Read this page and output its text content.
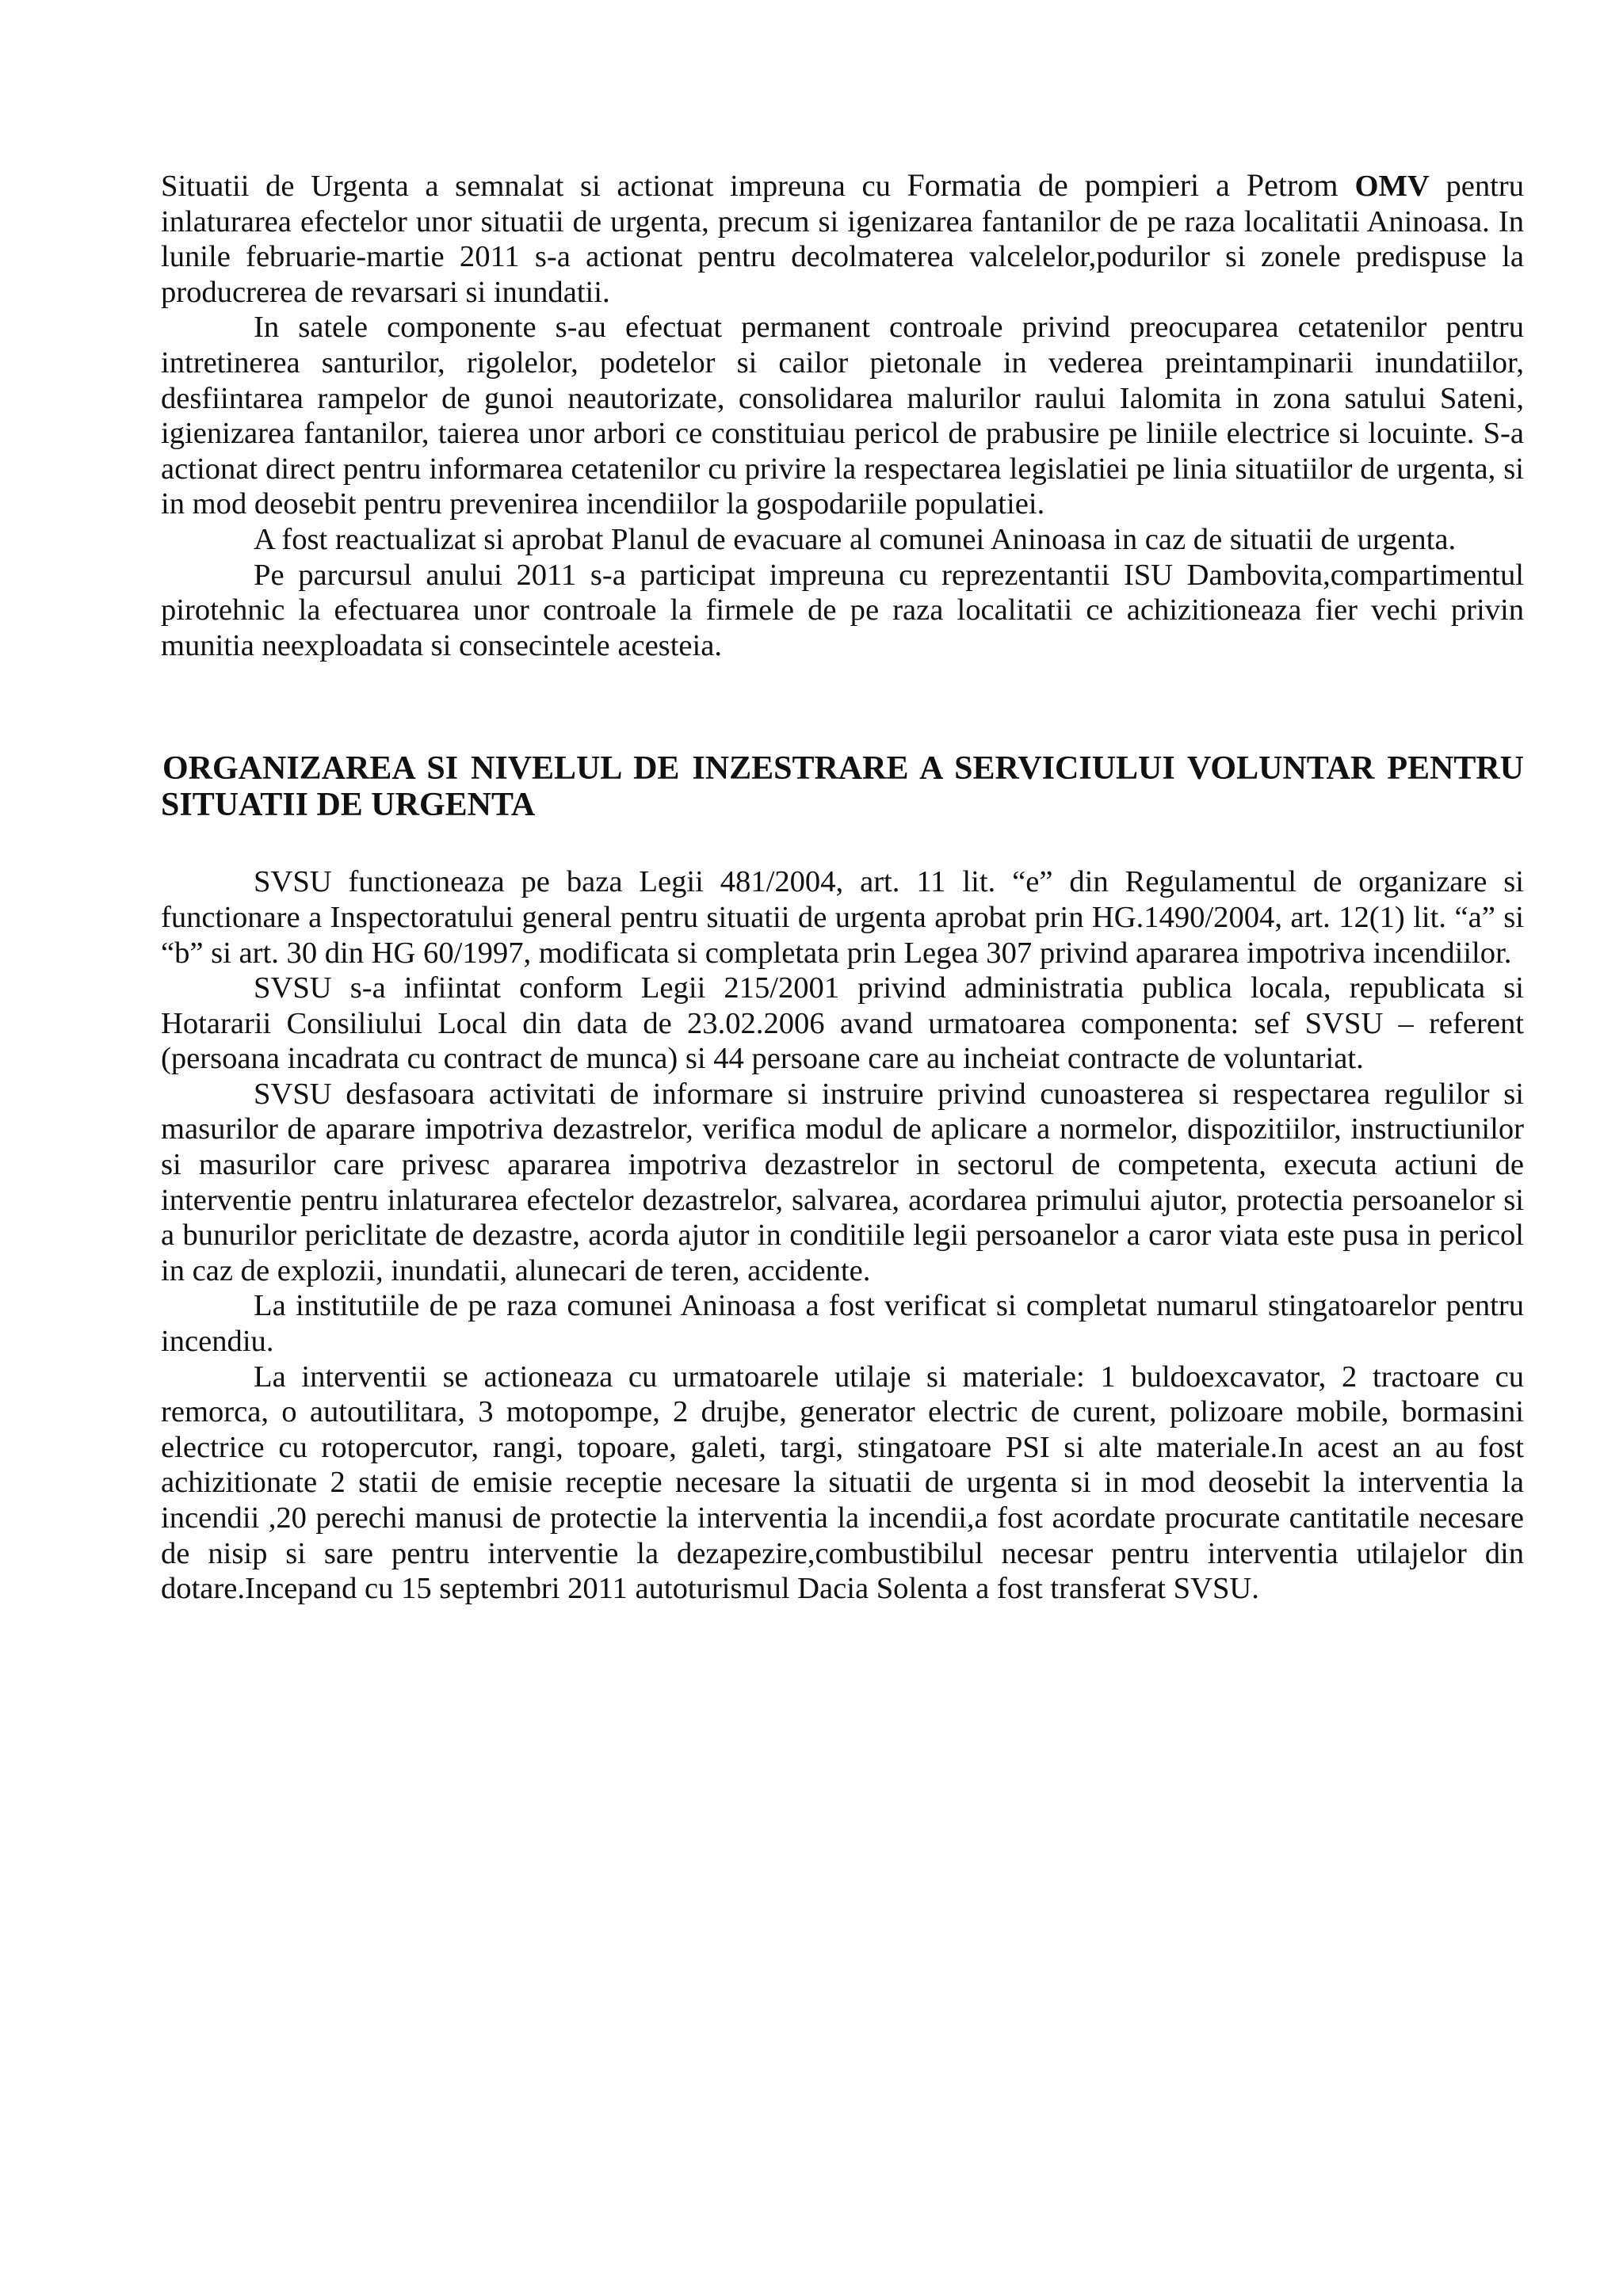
Situatii de Urgenta a semnalat si actionat impreuna cu Formatia de pompieri a Petrom OMV pentru inlaturarea efectelor unor situatii de urgenta, precum si igenizarea fantanilor de pe raza localitatii Aninoasa. In lunile februarie-martie 2011 s-a actionat pentru decolmaterea valcelelor,podurilor si zonele predispuse la producrerea de revarsari si inundatii.

In satele componente s-au efectuat permanent controale privind preocuparea cetatenilor pentru intretinerea santurilor, rigolelor, podetelor si cailor pietonale in vederea preintampinarii inundatiilor, desfiintarea rampelor de gunoi neautorizate, consolidarea malurilor raului Ialomita in zona satului Sateni, igienizarea fantanilor, taierea unor arbori ce constituiau pericol de prabusire pe liniile electrice si locuinte. S-a actionat direct pentru informarea cetatenilor cu privire la respectarea legislatiei pe linia situatiilor de urgenta, si in mod deosebit pentru prevenirea incendiilor la gospodariile populatiei.

A fost reactualizat si aprobat Planul de evacuare al comunei Aninoasa in caz de situatii de urgenta.

Pe parcursul anului 2011 s-a participat impreuna cu reprezentantii ISU Dambovita,compartimentul pirotehnic la efectuarea unor controale la firmele de pe raza localitatii ce achizitioneaza fier vechi privin munitia neexploadata si consecintele acesteia.

ORGANIZAREA SI NIVELUL DE INZESTRARE A SERVICIULUI VOLUNTAR PENTRU SITUATII DE URGENTA

SVSU functioneaza pe baza Legii 481/2004, art. 11 lit. “e” din Regulamentul de organizare si functionare a Inspectoratului general pentru situatii de urgenta aprobat prin HG.1490/2004, art. 12(1) lit. “a” si “b” si art. 30 din HG 60/1997, modificata si completata prin Legea 307 privind apararea impotriva incendiilor.

SVSU s-a infiintat conform Legii 215/2001 privind administratia publica locala, republicata si Hotararii Consiliului Local din data de 23.02.2006 avand urmatoarea componenta: sef SVSU – referent (persoana incadrata cu contract de munca) si 44 persoane care au incheiat contracte de voluntariat.

SVSU desfasoara activitati de informare si instruire privind cunoasterea si respectarea regulilor si masurilor de aparare impotriva dezastrelor, verifica modul de aplicare a normelor, dispozitiilor, instructiunilor si masurilor care privesc apararea impotriva dezastrelor in sectorul de competenta, executa actiuni de interventie pentru inlaturarea efectelor dezastrelor, salvarea, acordarea primului ajutor, protectia persoanelor si a bunurilor periclitate de dezastre, acorda ajutor in conditiile legii persoanelor a caror viata este pusa in pericol in caz de explozii, inundatii, alunecari de teren, accidente.

La institutiile de pe raza comunei Aninoasa a fost verificat si completat numarul stingatoarelor pentru incendiu.

La interventii se actioneaza cu urmatoarele utilaje si materiale: 1 buldoexcavator, 2 tractoare cu remorca, o autoutilitara, 3 motopompe, 2 drujbe, generator electric de curent, polizoare mobile, bormasini electrice cu rotopercutor, rangi, topoare, galeti, targi, stingatoare PSI si alte materiale.In acest an au fost achizitionate 2 statii de emisie receptie necesare la situatii de urgenta si in mod deosebit la interventia la incendii ,20 perechi manusi de protectie la interventia la incendii,a fost acordate procurate cantitatile necesare de nisip si sare pentru interventie la dezapezire,combustibilul necesar pentru interventia utilajelor din dotare.Incepand cu 15 septembri 2011 autoturismul Dacia Solenta a fost transferat SVSU.
